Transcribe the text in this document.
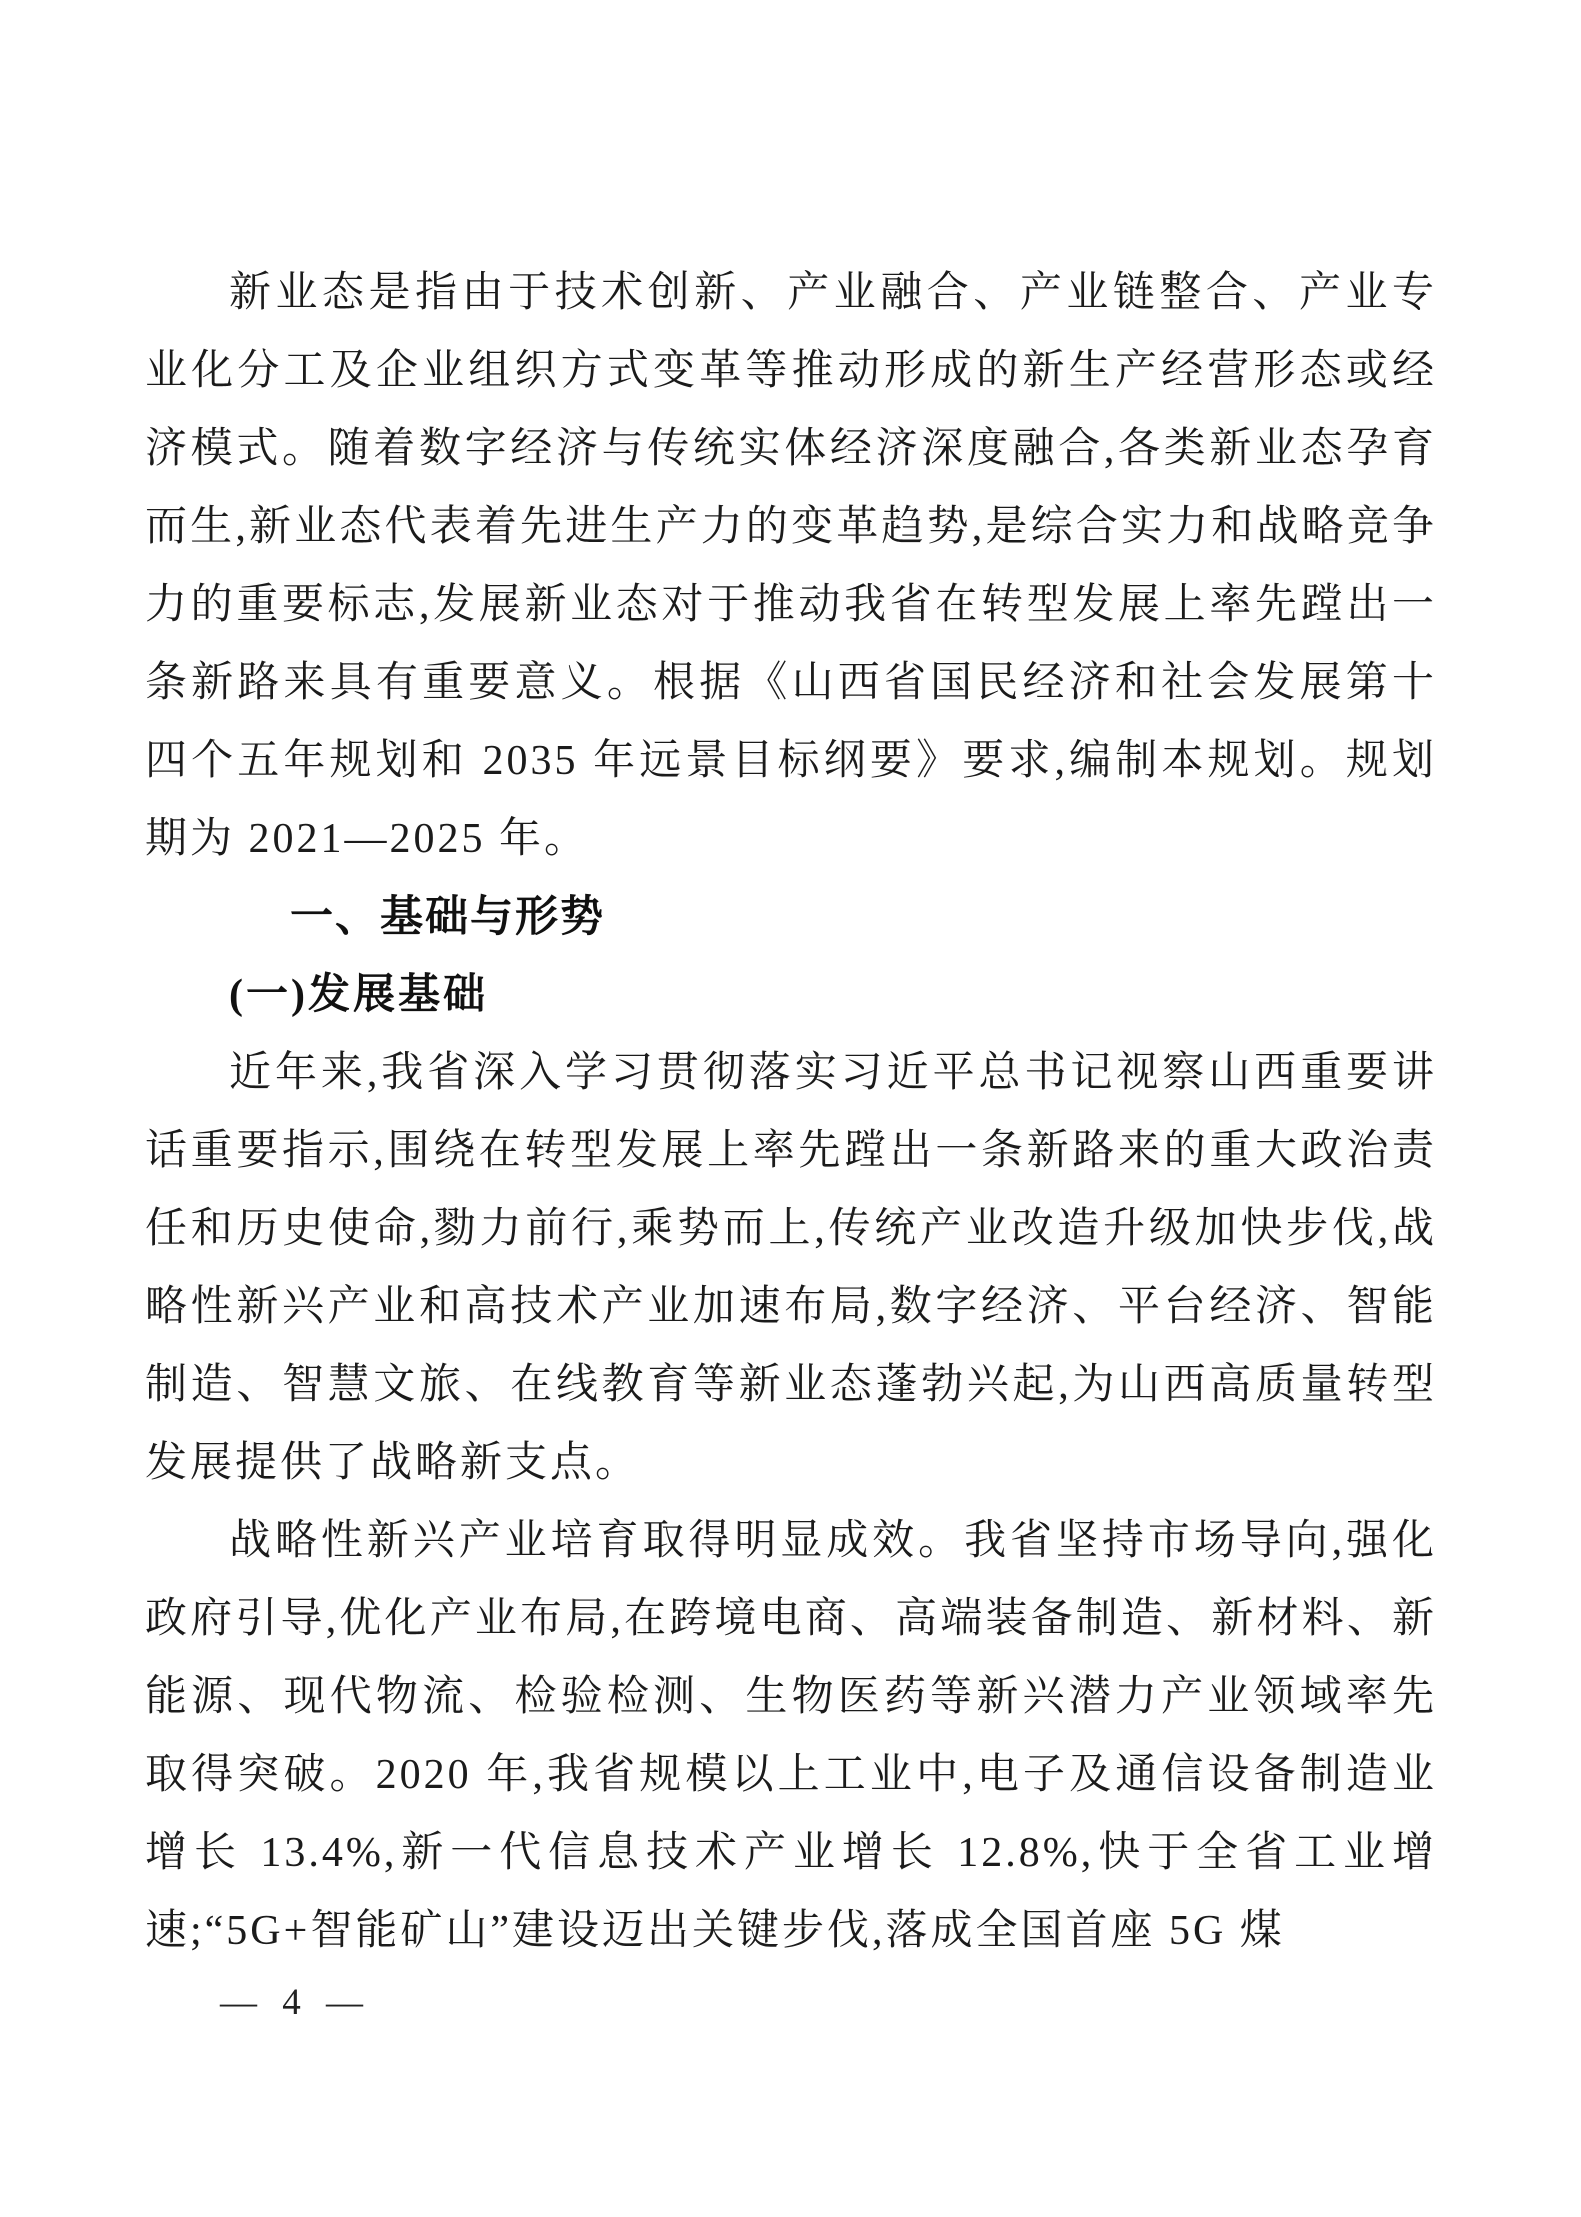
新业态是指由于技术创新、产业融合、产业链整合、产业专业化分工及企业组织方式变革等推动形成的新生产经营形态或经济模式。随着数字经济与传统实体经济深度融合,各类新业态孕育而生,新业态代表着先进生产力的变革趋势,是综合实力和战略竞争力的重要标志,发展新业态对于推动我省在转型发展上率先蹚出一条新路来具有重要意义。根据《山西省国民经济和社会发展第十四个五年规划和 2035 年远景目标纲要》要求,编制本规划。规划期为 2021—2025 年。

一、基础与形势
(一)发展基础

近年来,我省深入学习贯彻落实习近平总书记视察山西重要讲话重要指示,围绕在转型发展上率先蹚出一条新路来的重大政治责任和历史使命,勠力前行,乘势而上,传统产业改造升级加快步伐,战略性新兴产业和高技术产业加速布局,数字经济、平台经济、智能制造、智慧文旅、在线教育等新业态蓬勃兴起,为山西高质量转型发展提供了战略新支点。

战略性新兴产业培育取得明显成效。我省坚持市场导向,强化政府引导,优化产业布局,在跨境电商、高端装备制造、新材料、新能源、现代物流、检验检测、生物医药等新兴潜力产业领域率先取得突破。2020 年,我省规模以上工业中,电子及通信设备制造业增长 13.4%,新一代信息技术产业增长 12.8%,快于全省工业增速;“5G+智能矿山”建设迈出关键步伐,落成全国首座 5G 煤

— 4 —
